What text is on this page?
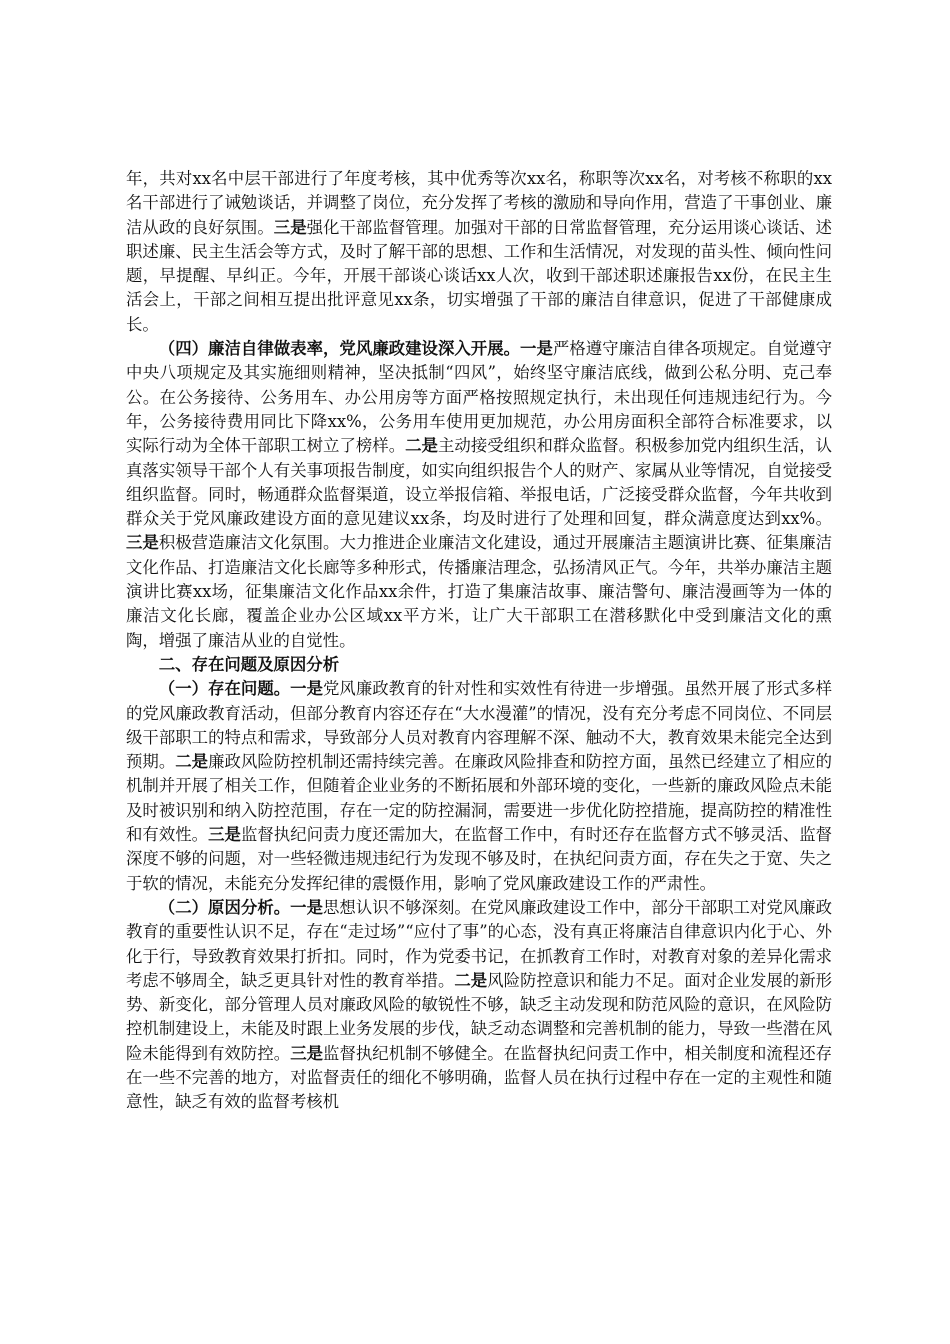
年，共对xx名中层干部进行了年度考核，其中优秀等次xx名，称职等次xx名，对考核不称职的xx名干部进行了诫勉谈话，并调整了岗位，充分发挥了考核的激励和导向作用，营造了干事创业、廉洁从政的良好氛围。三是强化干部监督管理。加强对干部的日常监督管理，充分运用谈心谈话、述职述廉、民主生活会等方式，及时了解干部的思想、工作和生活情况，对发现的苗头性、倾向性问题，早提醒、早纠正。今年，开展干部谈心谈话xx人次，收到干部述职述廉报告xx份，在民主生活会上，干部之间相互提出批评意见xx条，切实增强了干部的廉洁自律意识，促进了干部健康成长。

（四）廉洁自律做表率，党风廉政建设深入开展。一是严格遵守廉洁自律各项规定。自觉遵守中央八项规定及其实施细则精神，坚决抵制“四风”，始终坚守廉洁底线，做到公私分明、克己奉公。在公务接待、公务用车、办公用房等方面严格按照规定执行，未出现任何违规违纪行为。今年，公务接待费用同比下降xx%，公务用车使用更加规范，办公用房面积全部符合标准要求，以实际行动为全体干部职工树立了榜样。二是主动接受组织和群众监督。积极参加党内组织生活，认真落实领导干部个人有关事项报告制度，如实向组织报告个人的财产、家属从业等情况，自觉接受组织监督。同时，畅通群众监督渠道，设立举报信箱、举报电话，广泛接受群众监督，今年共收到群众关于党风廉政建设方面的意见建议xx条，均及时进行了处理和回复，群众满意度达到xx%。三是积极营造廉洁文化氛围。大力推进企业廉洁文化建设，通过开展廉洁主题演讲比赛、征集廉洁文化作品、打造廉洁文化长廊等多种形式，传播廉洁理念，弘扬清风正气。今年，共举办廉洁主题演讲比赛xx场，征集廉洁文化作品xx余件，打造了集廉洁故事、廉洁警句、廉洁漫画等为一体的廉洁文化长廊，覆盖企业办公区域xx平方米，让广大干部职工在潜移默化中受到廉洁文化的熏陶，增强了廉洁从业的自觉性。

二、存在问题及原因分析

（一）存在问题。一是党风廉政教育的针对性和实效性有待进一步增强。虽然开展了形式多样的党风廉政教育活动，但部分教育内容还存在“大水漫灌”的情况，没有充分考虑不同岗位、不同层级干部职工的特点和需求，导致部分人员对教育内容理解不深、触动不大，教育效果未能完全达到预期。二是廉政风险防控机制还需持续完善。在廉政风险排查和防控方面，虽然已经建立了相应的机制并开展了相关工作，但随着企业业务的不断拓展和外部环境的变化，一些新的廉政风险点未能及时被识别和纳入防控范围，存在一定的防控漏洞，需要进一步优化防控措施，提高防控的精准性和有效性。三是监督执纪问责力度还需加大，在监督工作中，有时还存在监督方式不够灵活、监督深度不够的问题，对一些轻微违规违纪行为发现不够及时，在执纪问责方面，存在失之于宽、失之于软的情况，未能充分发挥纪律的震慑作用，影响了党风廉政建设工作的严肃性。

（二）原因分析。一是思想认识不够深刻。在党风廉政建设工作中，部分干部职工对党风廉政教育的重要性认识不足，存在“走过场”“应付了事”的心态，没有真正将廉洁自律意识内化于心、外化于行，导致教育效果打折扣。同时，作为党委书记，在抓教育工作时，对教育对象的差异化需求考虑不够周全，缺乏更具针对性的教育举措。二是风险防控意识和能力不足。面对企业发展的新形势、新变化，部分管理人员对廉政风险的敏锐性不够，缺乏主动发现和防范风险的意识，在风险防控机制建设上，未能及时跟上业务发展的步伐，缺乏动态调整和完善机制的能力，导致一些潜在风险未能得到有效防控。三是监督执纪机制不够健全。在监督执纪问责工作中，相关制度和流程还存在一些不完善的地方，对监督责任的细化不够明确，监督人员在执行过程中存在一定的主观性和随意性，缺乏有效的监督考核机
